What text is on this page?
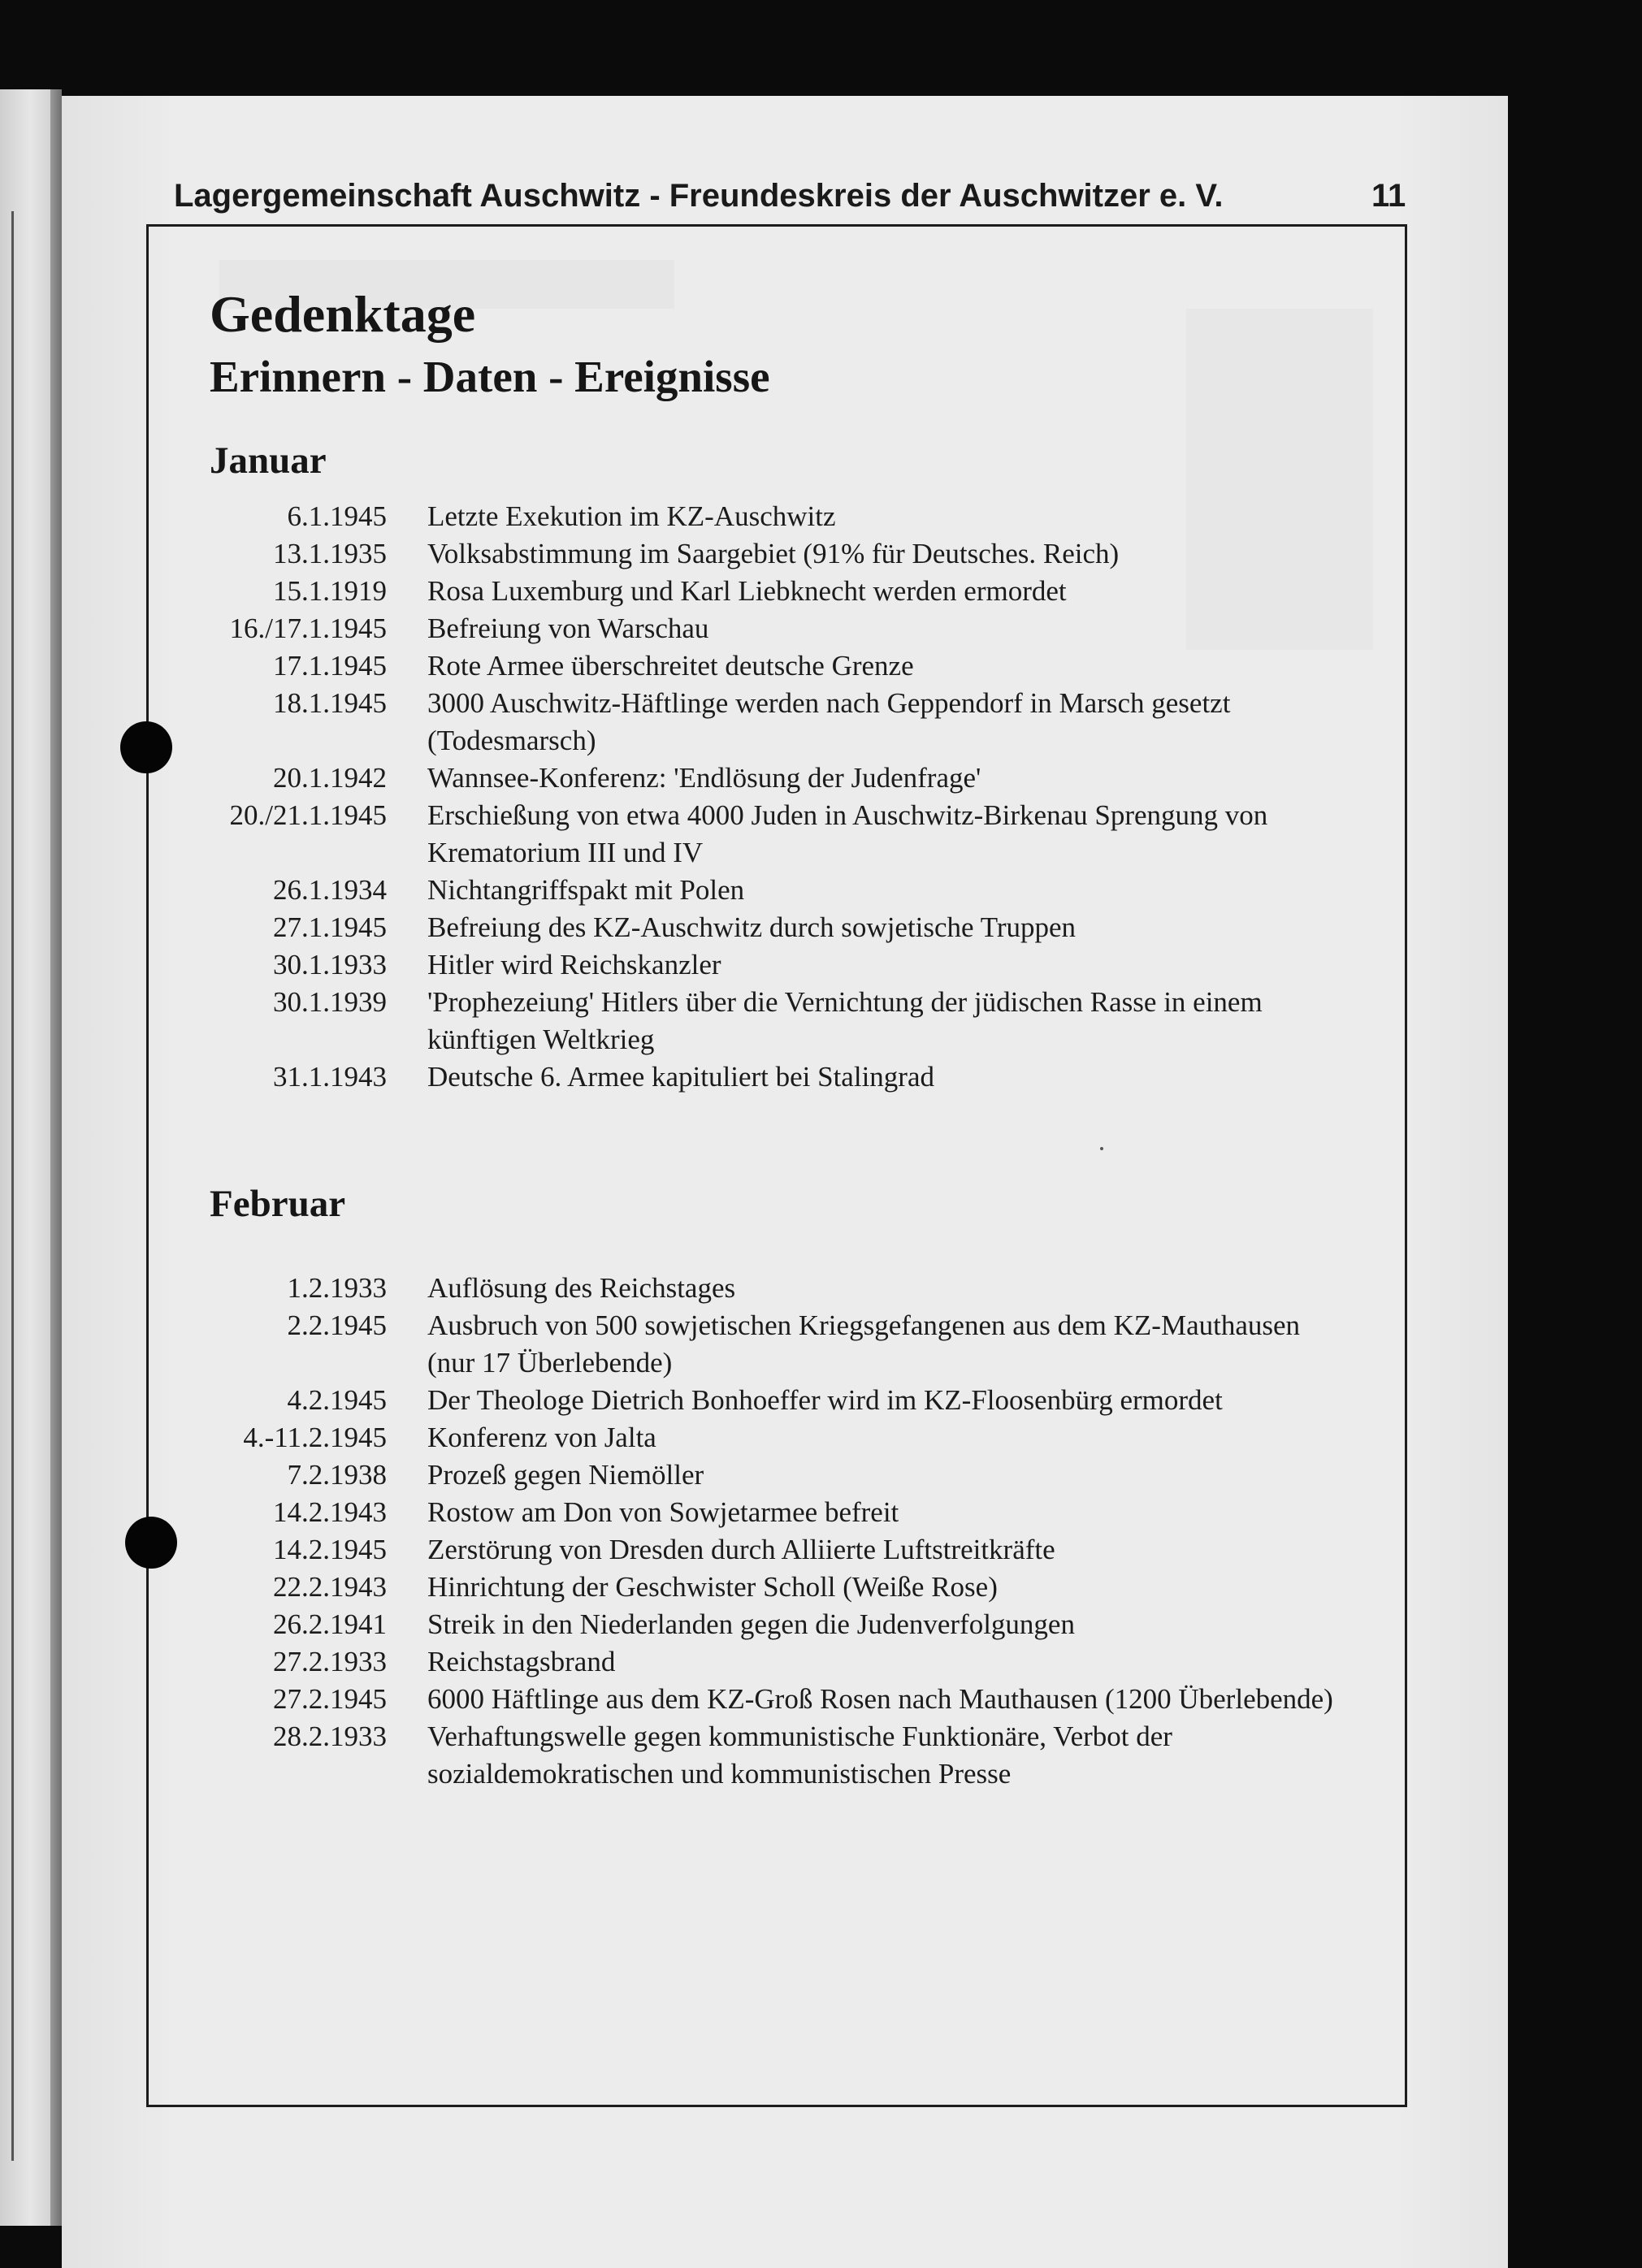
Lagergemeinschaft Auschwitz - Freundeskreis der Auschwitzer e. V.	11
Gedenktage
Erinnern - Daten - Ereignisse
Januar
6.1.1945 Letzte Exekution im KZ-Auschwitz
13.1.1935 Volksabstimmung im Saargebiet (91% für Deutsches. Reich)
15.1.1919 Rosa Luxemburg und Karl Liebknecht werden ermordet
16./17.1.1945 Befreiung von Warschau
17.1.1945 Rote Armee überschreitet deutsche Grenze
18.1.1945 3000 Auschwitz-Häftlinge werden nach Geppendorf in Marsch gesetzt (Todesmarsch)
20.1.1942 Wannsee-Konferenz: 'Endlösung der Judenfrage'
20./21.1.1945 Erschießung von etwa 4000 Juden in Auschwitz-Birkenau Sprengung von Krematorium III und IV
26.1.1934 Nichtangriffspakt mit Polen
27.1.1945 Befreiung des KZ-Auschwitz durch sowjetische Truppen
30.1.1933 Hitler wird Reichskanzler
30.1.1939 'Prophezeiung' Hitlers über die Vernichtung der jüdischen Rasse in einem künftigen Weltkrieg
31.1.1943 Deutsche 6. Armee kapituliert bei Stalingrad
Februar
1.2.1933 Auflösung des Reichstages
2.2.1945 Ausbruch von 500 sowjetischen Kriegsgefangenen aus dem KZ-Mauthausen (nur 17 Überlebende)
4.2.1945 Der Theologe Dietrich Bonhoeffer wird im KZ-Floosenbürg ermordet
4.-11.2.1945 Konferenz von Jalta
7.2.1938 Prozeß gegen Niemöller
14.2.1943 Rostow am Don von Sowjetarmee befreit
14.2.1945 Zerstörung von Dresden durch Alliierte Luftstreitkräfte
22.2.1943 Hinrichtung der Geschwister Scholl (Weiße Rose)
26.2.1941 Streik in den Niederlanden gegen die Judenverfolgungen
27.2.1933 Reichstagsbrand
27.2.1945 6000 Häftlinge aus dem KZ-Groß Rosen nach Mauthausen (1200 Überlebende)
28.2.1933 Verhaftungswelle gegen kommunistische Funktionäre, Verbot der sozialdemokratischen und kommunistischen Presse
